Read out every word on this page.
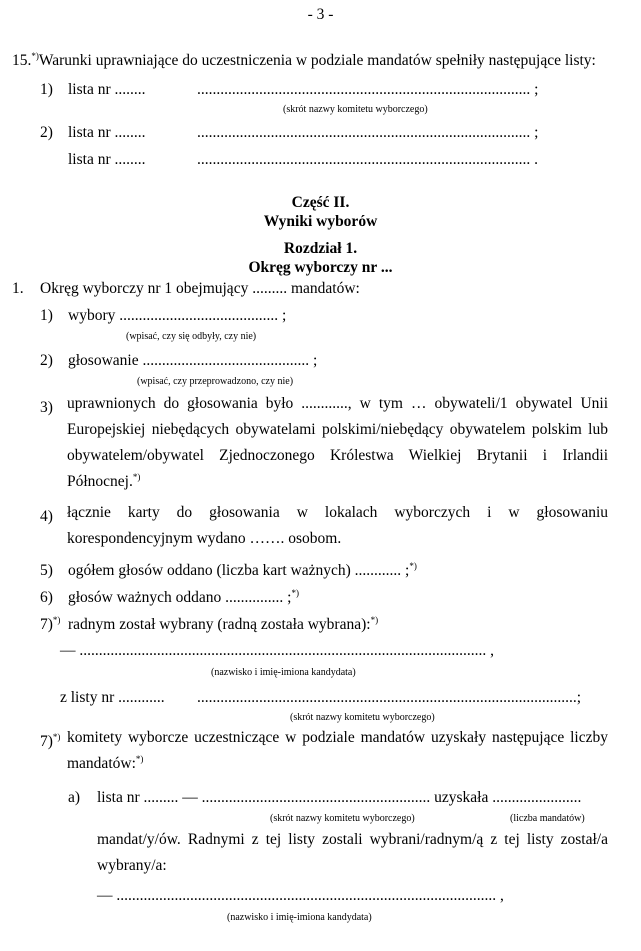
- 3 -
15.*)Warunki uprawniające do uczestniczenia w podziale mandatów spełniły następujące listy:
1) lista nr ........	...................................................................................... ;
(skrót nazwy komitetu wyborczego)
2) lista nr ........	...................................................................................... ;
lista nr ........	...................................................................................... .
Część II.
Wyniki wyborów
Rozdział 1.
Okręg wyborczy nr ...
1. Okręg wyborczy nr 1 obejmujący ......... mandatów:
1) wybory ......................................... ;
(wpisać, czy się odbyły, czy nie)
2) głosowanie ........................................... ;
(wpisać, czy przeprowadzono, czy nie)
3) uprawnionych do głosowania było ............, w tym … obywateli/1 obywatel Unii Europejskiej niebędących obywatelami polskimi/niebędący obywatelem polskim lub obywatelem/obywatel Zjednoczonego Królestwa Wielkiej Brytanii i Irlandii Północnej.*)
4) łącznie karty do głosowania w lokalach wyborczych i w głosowaniu korespondencyjnym wydano ……. osobom.
5) ogółem głosów oddano (liczba kart ważnych) ............ ;*)
6) głosów ważnych oddano ............... ;*)
7)*) radnym został wybrany (radną została wybrana):*)
— ......................................................................................................... ,
(nazwisko i imię-imiona kandydata)
z listy nr ............ ..................................................................................................;
(skrót nazwy komitetu wyborczego)
7)*) komitety wyborcze uczestniczące w podziale mandatów uzyskały następujące liczby mandatów:*)
a) lista nr ......... — ........................................................... uzyskała .......................
(skrót nazwy komitetu wyborczego)	(liczba mandatów)
mandat/y/ów. Radnymi z tej listy zostali wybrani/radnym/ą z tej listy został/a wybrany/a:
— .................................................................................................. ,
(nazwisko i imię-imiona kandydata)
